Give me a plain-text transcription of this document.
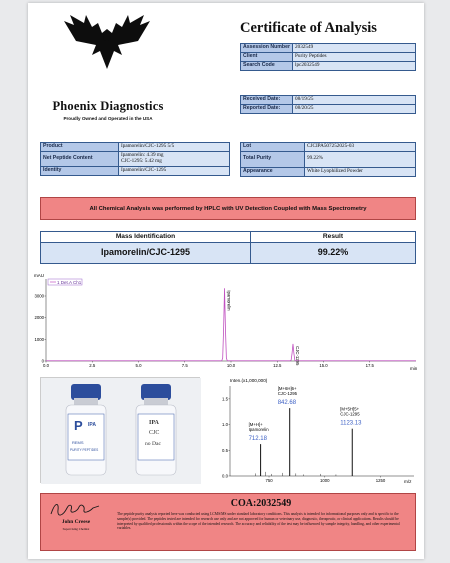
Phoenix Diagnostics
Proudly Owned and Operated in the USA
Certificate of Analysis
Assession Number	2032549
Client	Purity Peptides
Search Code	lpc2032549
Received Date:	08/19/25
Reported Date:	08/20/25
Product	Ipamorelin/CJC-1295 5/5
Net Peptide Content	Ipamorelin: 4.39 mg
CJC-1295: 5.42 mg

Identity	Ipamorelin/CJC-1295
Lot	CJCIPA507252025-03
Total Purity	99.22%
Appearance	White Lyophilized Powder
All Chemical Analysis was performed by HPLC with UV Detection Coupled with Mass Spectrometry
Mass Identification	Result
Ipamorelin/CJC-1295	99.22%
0.0	2.5	5.0	7.5	10.0	12.5	15.0	17.5
0
1000
2000
3000	Ipamorelin
CJC-1295
1 Det.A Ch1
mAU
min
P IPA
REMS
PURITY PEPTIDES
IPA
CJC
no Dac
Inten.(x1,000,000)
750	1000	1250
0.0
0.5
1.0
1.5
[M+H]+
Ipamorelin
712.18
[M+6H]6+
CJC-1295
842.68
[M+5H]5+
CJC-1295
1123.13
m/z
John Creese
Supervising Chemist
COA:2032549
The peptide purity analysis reported here was conducted using LCMS/MS under standard laboratory conditions. This analysis is intended for informational purposes only and is specific to the sample(s) provided. The peptides tested are intended for research use only and are not approved for human or veterinary use, diagnostic, therapeutic, or clinical applications. Results should be interpreted by qualified professionals within the scope of the intended research. The accuracy and reliability of the test may be influenced by sample integrity, handling, and other experimental variables.
